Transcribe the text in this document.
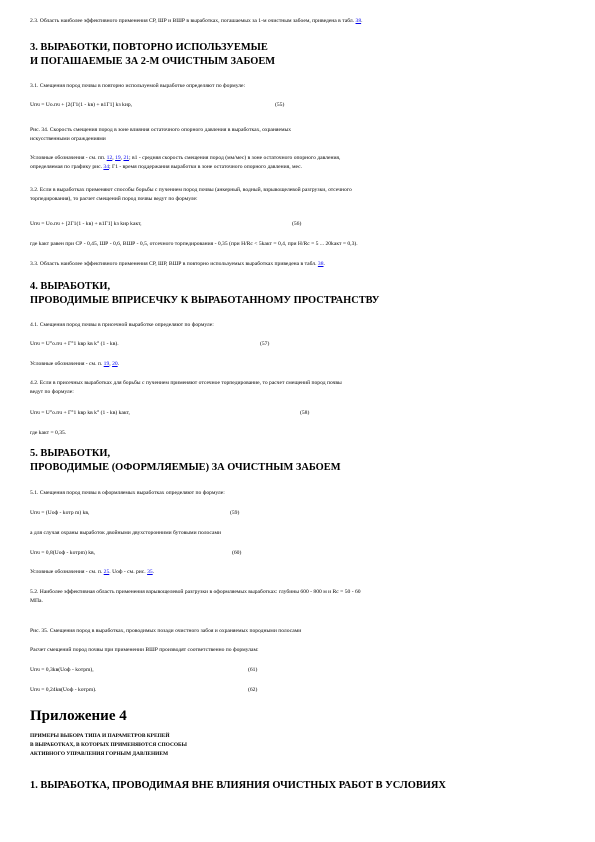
2.3. Область наиболее эффективного применения СР, ШР и ВШР в выработках, погашаемых за 1-м очистным забоем, приведена в табл. 38.
3. ВЫРАБОТКИ, ПОВТОРНО ИСПОЛЬЗУЕМЫЕ
И ПОГАШАЕМЫЕ ЗА 2-М ОЧИСТНЫМ ЗАБОЕМ
3.1. Смещения пород почвы в повторно используемой выработке определяют по формуле:
Uпч = Uо.пч + [2(Г1(1 - kв) + в1Г1] kз kир,	(55)
Рис. 34. Скорость смещения пород в зоне влияния остаточного опорного давления в выработках, охраняемых
искусственными ограждениями
Условные обозначения - см. пп. 12, 19, 21; в1 - средняя скорость смещения пород (мм/мес) в зоне остаточного опорного давления,
определяемая по графику рис. 34; Г1 - время поддержания выработки в зоне остаточного опорного давления, мес.
3.2. Если в выработках применяют способы борьбы с пучением пород почвы (анкерный, водный, взрывощелевой разгрузки, отсечного
торпедирования), то расчет смещений пород почвы ведут по формуле:
Uпч = Uо.пч + [2Г1(1 - kв) + в1Г1] kз kир kакт,	(56)
где kакт равен при СР - 0,45, ШР - 0,6, ВШР - 0,5, отсечного торпедирования - 0,35 (при H/Rc < 5kакт = 0,4, при H/Rc = 5 ... 20kакт = 0,3).
3.3. Область наиболее эффективного применения СР, ШР, ВШР в повторно используемых выработках приведена в табл. 38.
4. ВЫРАБОТКИ,
ПРОВОДИМЫЕ ВПРИСЕЧКУ К ВЫРАБОТАННОМУ ПРОСТРАНСТВУ
4.1. Смещения пород почвы в присечной выработке определяют по формуле:
Uпч = U°о.пч + Г°1 kвр kв k° (1 - kв).	(57)
Условные обозначения - см. п. 19, 20.
4.2. Если в присечных выработках для борьбы с пучением применяют отсечное торпедирование, то расчет смещений пород почвы
ведут по формуле:
Uпч = U°о.пч + Г°1 kвр kв k° (1 - kв) kакт,	(58)
где kакт = 0,35.
5. ВЫРАБОТКИ,
ПРОВОДИМЫЕ (ОФОРМЛЯЕМЫЕ) ЗА ОЧИСТНЫМ ЗАБОЕМ
5.1. Смещения пород почвы в оформляемых выработках определяют по формуле:
Uпч = (Uоф - kотр m) kв,	(59)
а для случая охраны выработок двойными двухсторонними бутовыми полосами
Uпч = 0,8(Uоф - kотрm) kв,	(60)
Условные обозначения - см. п. 25. Uоф - см. рис. 35.
5.2. Наиболее эффективная область применения взрывощелевой разгрузки в оформляемых выработках: глубины 600 - 800 м и Rc = 50 - 60
МПа.
Рис. 35. Смещения пород в выработках, проводимых позади очистного забоя и охраняемых породными полосами
Расчет смещений пород почвы при применении ВШР производят соответственно по формулам:
Uпч = 0,3kв(Uоф - kотрm),	(61)
Uпч = 0,24kв(Uоф - kотрm).	(62)
Приложение 4
ПРИМЕРЫ ВЫБОРА ТИПА И ПАРАМЕТРОВ КРЕПЕЙ
В ВЫРАБОТКАХ, В КОТОРЫХ ПРИМЕНЯЮТСЯ СПОСОБЫ
АКТИВНОГО УПРАВЛЕНИЯ ГОРНЫМ ДАВЛЕНИЕМ
1. ВЫРАБОТКА, ПРОВОДИМАЯ ВНЕ ВЛИЯНИЯ ОЧИСТНЫХ РАБОТ В УСЛОВИЯХ
